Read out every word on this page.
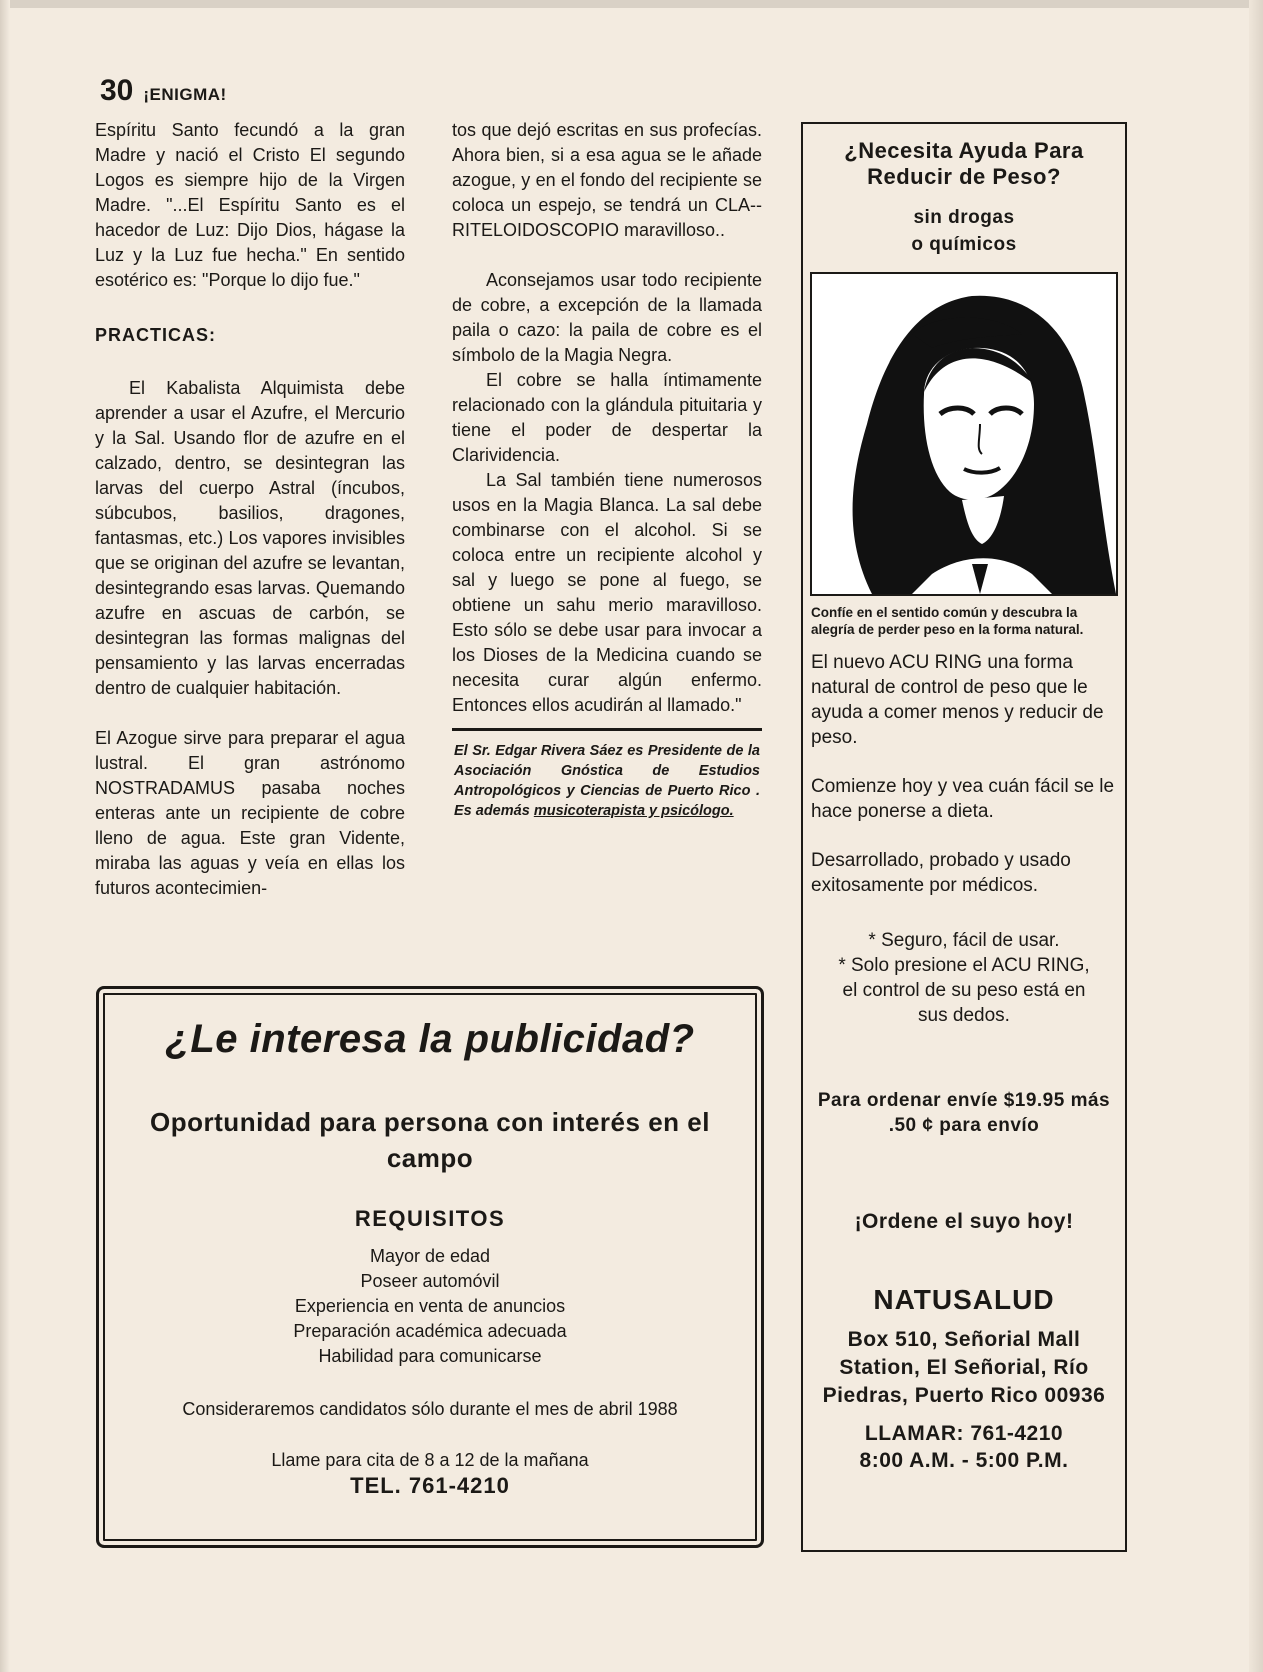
30 ¡ENIGMA!

Espíritu Santo fecundó a la gran Madre y nació el Cristo El segundo Logos es siempre hijo de la Virgen Madre. "...El Espíritu Santo es el hacedor de Luz: Dijo Dios, hágase la Luz y la Luz fue hecha." En sentido esotérico es: "Porque lo dijo fue."

PRACTICAS:

El Kabalista Alquimista debe aprender a usar el Azufre, el Mercurio y la Sal. Usando flor de azufre en el calzado, dentro, se desintegran las larvas del cuerpo Astral (íncubos, súbcubos, basilios, dragones, fantasmas, etc.) Los vapores invisibles que se originan del azufre se levantan, desintegrando esas larvas. Quemando azufre en ascuas de carbón, se desintegran las formas malignas del pensamiento y las larvas encerradas dentro de cualquier habitación.

El Azogue sirve para preparar el agua lustral. El gran astrónomo NOSTRADAMUS pasaba noches enteras ante un recipiente de cobre lleno de agua. Este gran Vidente, miraba las aguas y veía en ellas los futuros acontecimien-

tos que dejó escritas en sus profecías. Ahora bien, si a esa agua se le añade azogue, y en el fondo del recipiente se coloca un espejo, se tendrá un CLA--RITELOIDOSCOPIO maravilloso..

Aconsejamos usar todo recipiente de cobre, a excepción de la llamada paila o cazo: la paila de cobre es el símbolo de la Magia Negra.

El cobre se halla íntimamente relacionado con la glándula pituitaria y tiene el poder de despertar la Clarividencia.

La Sal también tiene numerosos usos en la Magia Blanca. La sal debe combinarse con el alcohol. Si se coloca entre un recipiente alcohol y sal y luego se pone al fuego, se obtiene un sahu merio maravilloso. Esto sólo se debe usar para invocar a los Dioses de la Medicina cuando se necesita curar algún enfermo. Entonces ellos acudirán al llamado."

El Sr. Edgar Rivera Sáez es Presidente de la Asociación Gnóstica de Estudios Antropológicos y Ciencias de Puerto Rico . Es además musicoterapista y psicólogo.
¿Le interesa la publicidad?
Oportunidad para persona con interés en el campo
REQUISITOS
Mayor de edad
Poseer automóvil
Experiencia en venta de anuncios
Preparación académica adecuada
Habilidad para comunicarse
Consideraremos candidatos sólo durante el mes de abril 1988
Llame para cita de 8 a 12 de la mañana
TEL. 761-4210
¿Necesita Ayuda Para Reducir de Peso?
sin drogas
o químicos
Confíe en el sentido común y descubra la alegría de perder peso en la forma natural.
El nuevo ACU RING una forma natural de control de peso que le ayuda a comer menos y reducir de peso.
Comienze hoy y vea cuán fácil se le hace ponerse a dieta.
Desarrollado, probado y usado exitosamente por médicos.
* Seguro, fácil de usar.
* Solo presione el ACU RING, el control de su peso está en sus dedos.
Para ordenar envíe $19.95 más .50 ¢ para envío
¡Ordene el suyo hoy!
NATUSALUD
Box 510, Señorial Mall Station, El Señorial, Río Piedras, Puerto Rico 00936
LLAMAR: 761-4210
8:00 A.M. - 5:00 P.M.
